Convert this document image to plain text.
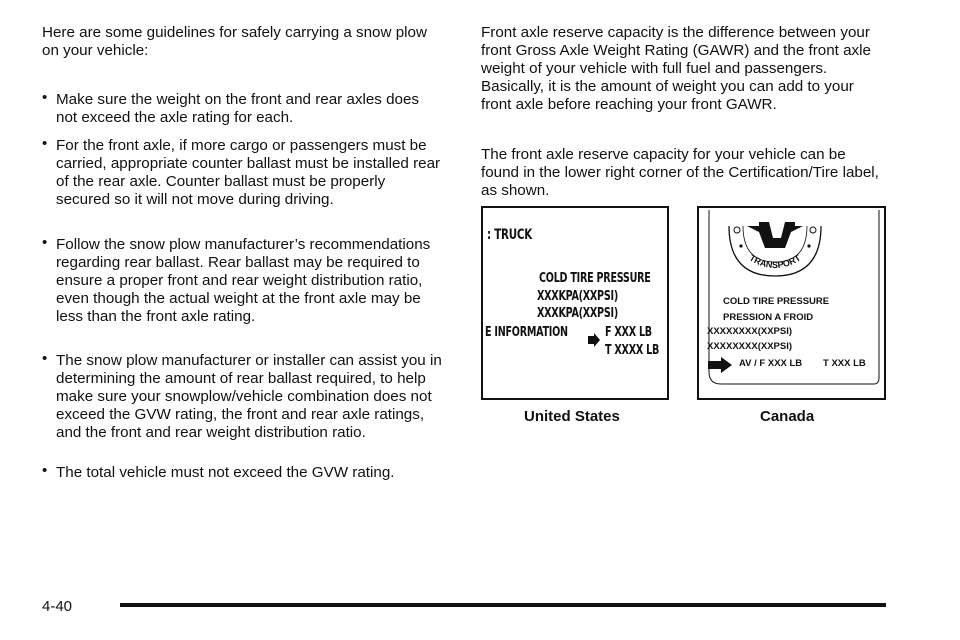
Here are some guidelines for safely carrying a snow plow on your vehicle:

• Make sure the weight on the front and rear axles does not exceed the axle rating for each.

• For the front axle, if more cargo or passengers must be carried, appropriate counter ballast must be installed rear of the rear axle. Counter ballast must be properly secured so it will not move during driving.

• Follow the snow plow manufacturer’s recommendations regarding rear ballast. Rear ballast may be required to ensure a proper front and rear weight distribution ratio, even though the actual weight at the front axle may be less than the front axle rating.

• The snow plow manufacturer or installer can assist you in determining the amount of rear ballast required, to help make sure your snowplow/vehicle combination does not exceed the GVW rating, the front and rear axle ratings, and the front and rear weight distribution ratio.

• The total vehicle must not exceed the GVW rating.

Front axle reserve capacity is the difference between your front Gross Axle Weight Rating (GAWR) and the front axle weight of your vehicle with full fuel and passengers. Basically, it is the amount of weight you can add to your front axle before reaching your front GAWR.

The front axle reserve capacity for your vehicle can be found in the lower right corner of the Certification/Tire label, as shown.

: TRUCK
COLD TIRE PRESSURE
XXXKPA(XXPSI)
XXXKPA(XXPSI)
E INFORMATION	F XXX LB
T XXXX LB
TRANSPORT
COLD TIRE PRESSURE
PRESSION A FROID
XXXXXXXX(XXPSI)
XXXXXXXX(XXPSI)
AV / F XXX LB T XXX LB
United States	Canada
4-40
